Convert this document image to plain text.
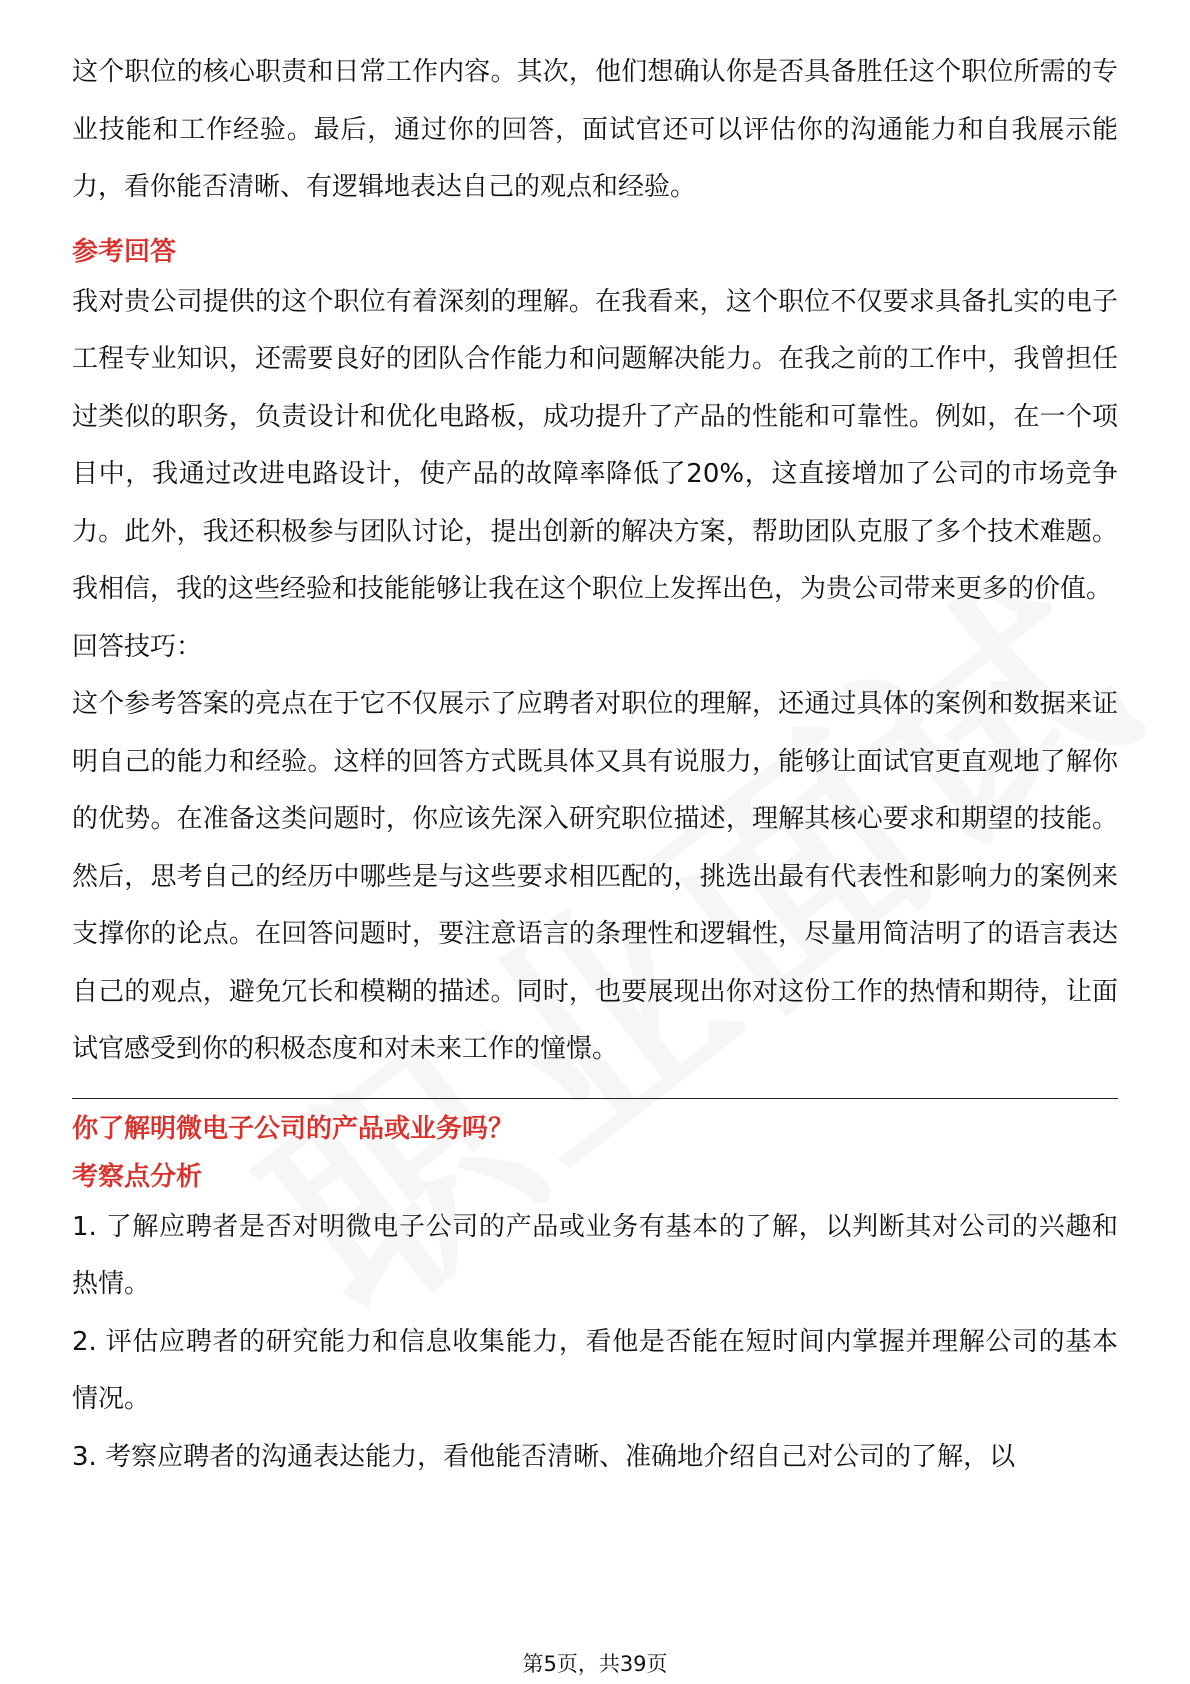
这个职位的核心职责和日常工作内容。其次，他们想确认你是否具备胜任这个职位所需的专业技能和工作经验。最后，通过你的回答，面试官还可以评估你的沟通能力和自我展示能力，看你能否清晰、有逻辑地表达自己的观点和经验。

参考回答

我对贵公司提供的这个职位有着深刻的理解。在我看来，这个职位不仅要求具备扎实的电子工程专业知识，还需要良好的团队合作能力和问题解决能力。在我之前的工作中，我曾担任过类似的职务，负责设计和优化电路板，成功提升了产品的性能和可靠性。例如，在一个项目中，我通过改进电路设计，使产品的故障率降低了20%，这直接增加了公司的市场竞争力。此外，我还积极参与团队讨论，提出创新的解决方案，帮助团队克服了多个技术难题。我相信，我的这些经验和技能能够让我在这个职位上发挥出色，为贵公司带来更多的价值。

回答技巧：

这个参考答案的亮点在于它不仅展示了应聘者对职位的理解，还通过具体的案例和数据来证明自己的能力和经验。这样的回答方式既具体又具有说服力，能够让面试官更直观地了解你的优势。在准备这类问题时，你应该先深入研究职位描述，理解其核心要求和期望的技能。然后，思考自己的经历中哪些是与这些要求相匹配的，挑选出最有代表性和影响力的案例来支撑你的论点。在回答问题时，要注意语言的条理性和逻辑性，尽量用简洁明了的语言表达自己的观点，避免冗长和模糊的描述。同时，也要展现出你对这份工作的热情和期待，让面试官感受到你的积极态度和对未来工作的憧憬。

你了解明微电子公司的产品或业务吗？

考察点分析

1. 了解应聘者是否对明微电子公司的产品或业务有基本的了解，以判断其对公司的兴趣和热情。

2. 评估应聘者的研究能力和信息收集能力，看他是否能在短时间内掌握并理解公司的基本情况。

3. 考察应聘者的沟通表达能力，看他能否清晰、准确地介绍自己对公司的了解，以

第5页，共39页
